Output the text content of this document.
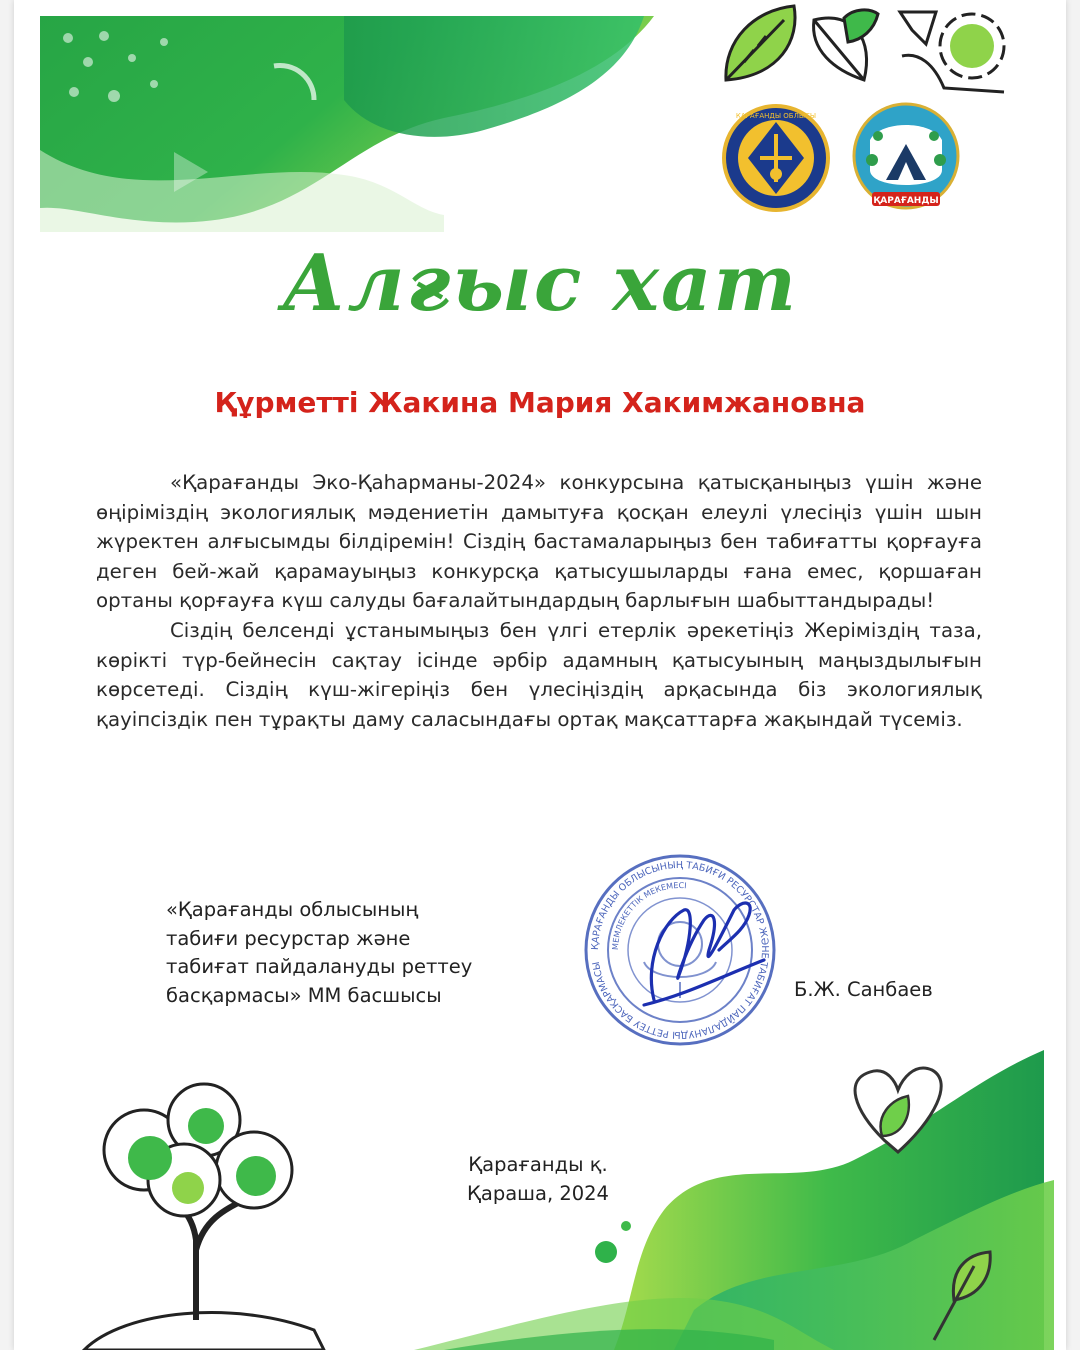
ҚАРАҒАНДЫ ОБЛЫСЫ
ҚАРАҒАНДЫ
Алғыс хат
Құрметті Жакина Мария Хакимжановна

«Қарағанды Эко-Қаһарманы-2024» конкурсына қатысқаныңыз үшін және өңіріміздің экологиялық мәдениетін дамытуға қосқан елеулі үлесіңіз үшін шын жүректен алғысымды білдіремін! Сіздің бастамаларыңыз бен табиғатты қорғауға деген бей-жай қарамауыңыз конкурсқа қатысушыларды ғана емес, қоршаған ортаны қорғауға күш салуды бағалайтындардың барлығын шабыттандырады!

Сіздің белсенді ұстанымыңыз бен үлгі етерлік әрекетіңіз Жеріміздің таза, көрікті түр-бейнесін сақтау ісінде әрбір адамның қатысуының маңыздылығын көрсетеді. Сіздің күш-жігеріңіз бен үлесіңіздің арқасында біз экологиялық қауіпсіздік пен тұрақты даму саласындағы ортақ мақсаттарға жақындай түсеміз.

«Қарағанды облысының
табиғи ресурстар және
табиғат пайдалануды реттеу
басқармасы» ММ басшысы
ҚАРАҒАНДЫ ОБЛЫСЫНЫҢ ТАБИҒИ РЕСУРСТАР ЖӘНЕ ТАБИҒАТ ПАЙДАЛАНУДЫ РЕТТЕУ БАСҚАРМАСЫ
МЕМЛЕКЕТТІК МЕКЕМЕСІ
Б.Ж. Санбаев
Қарағанды қ.
Қараша, 2024
